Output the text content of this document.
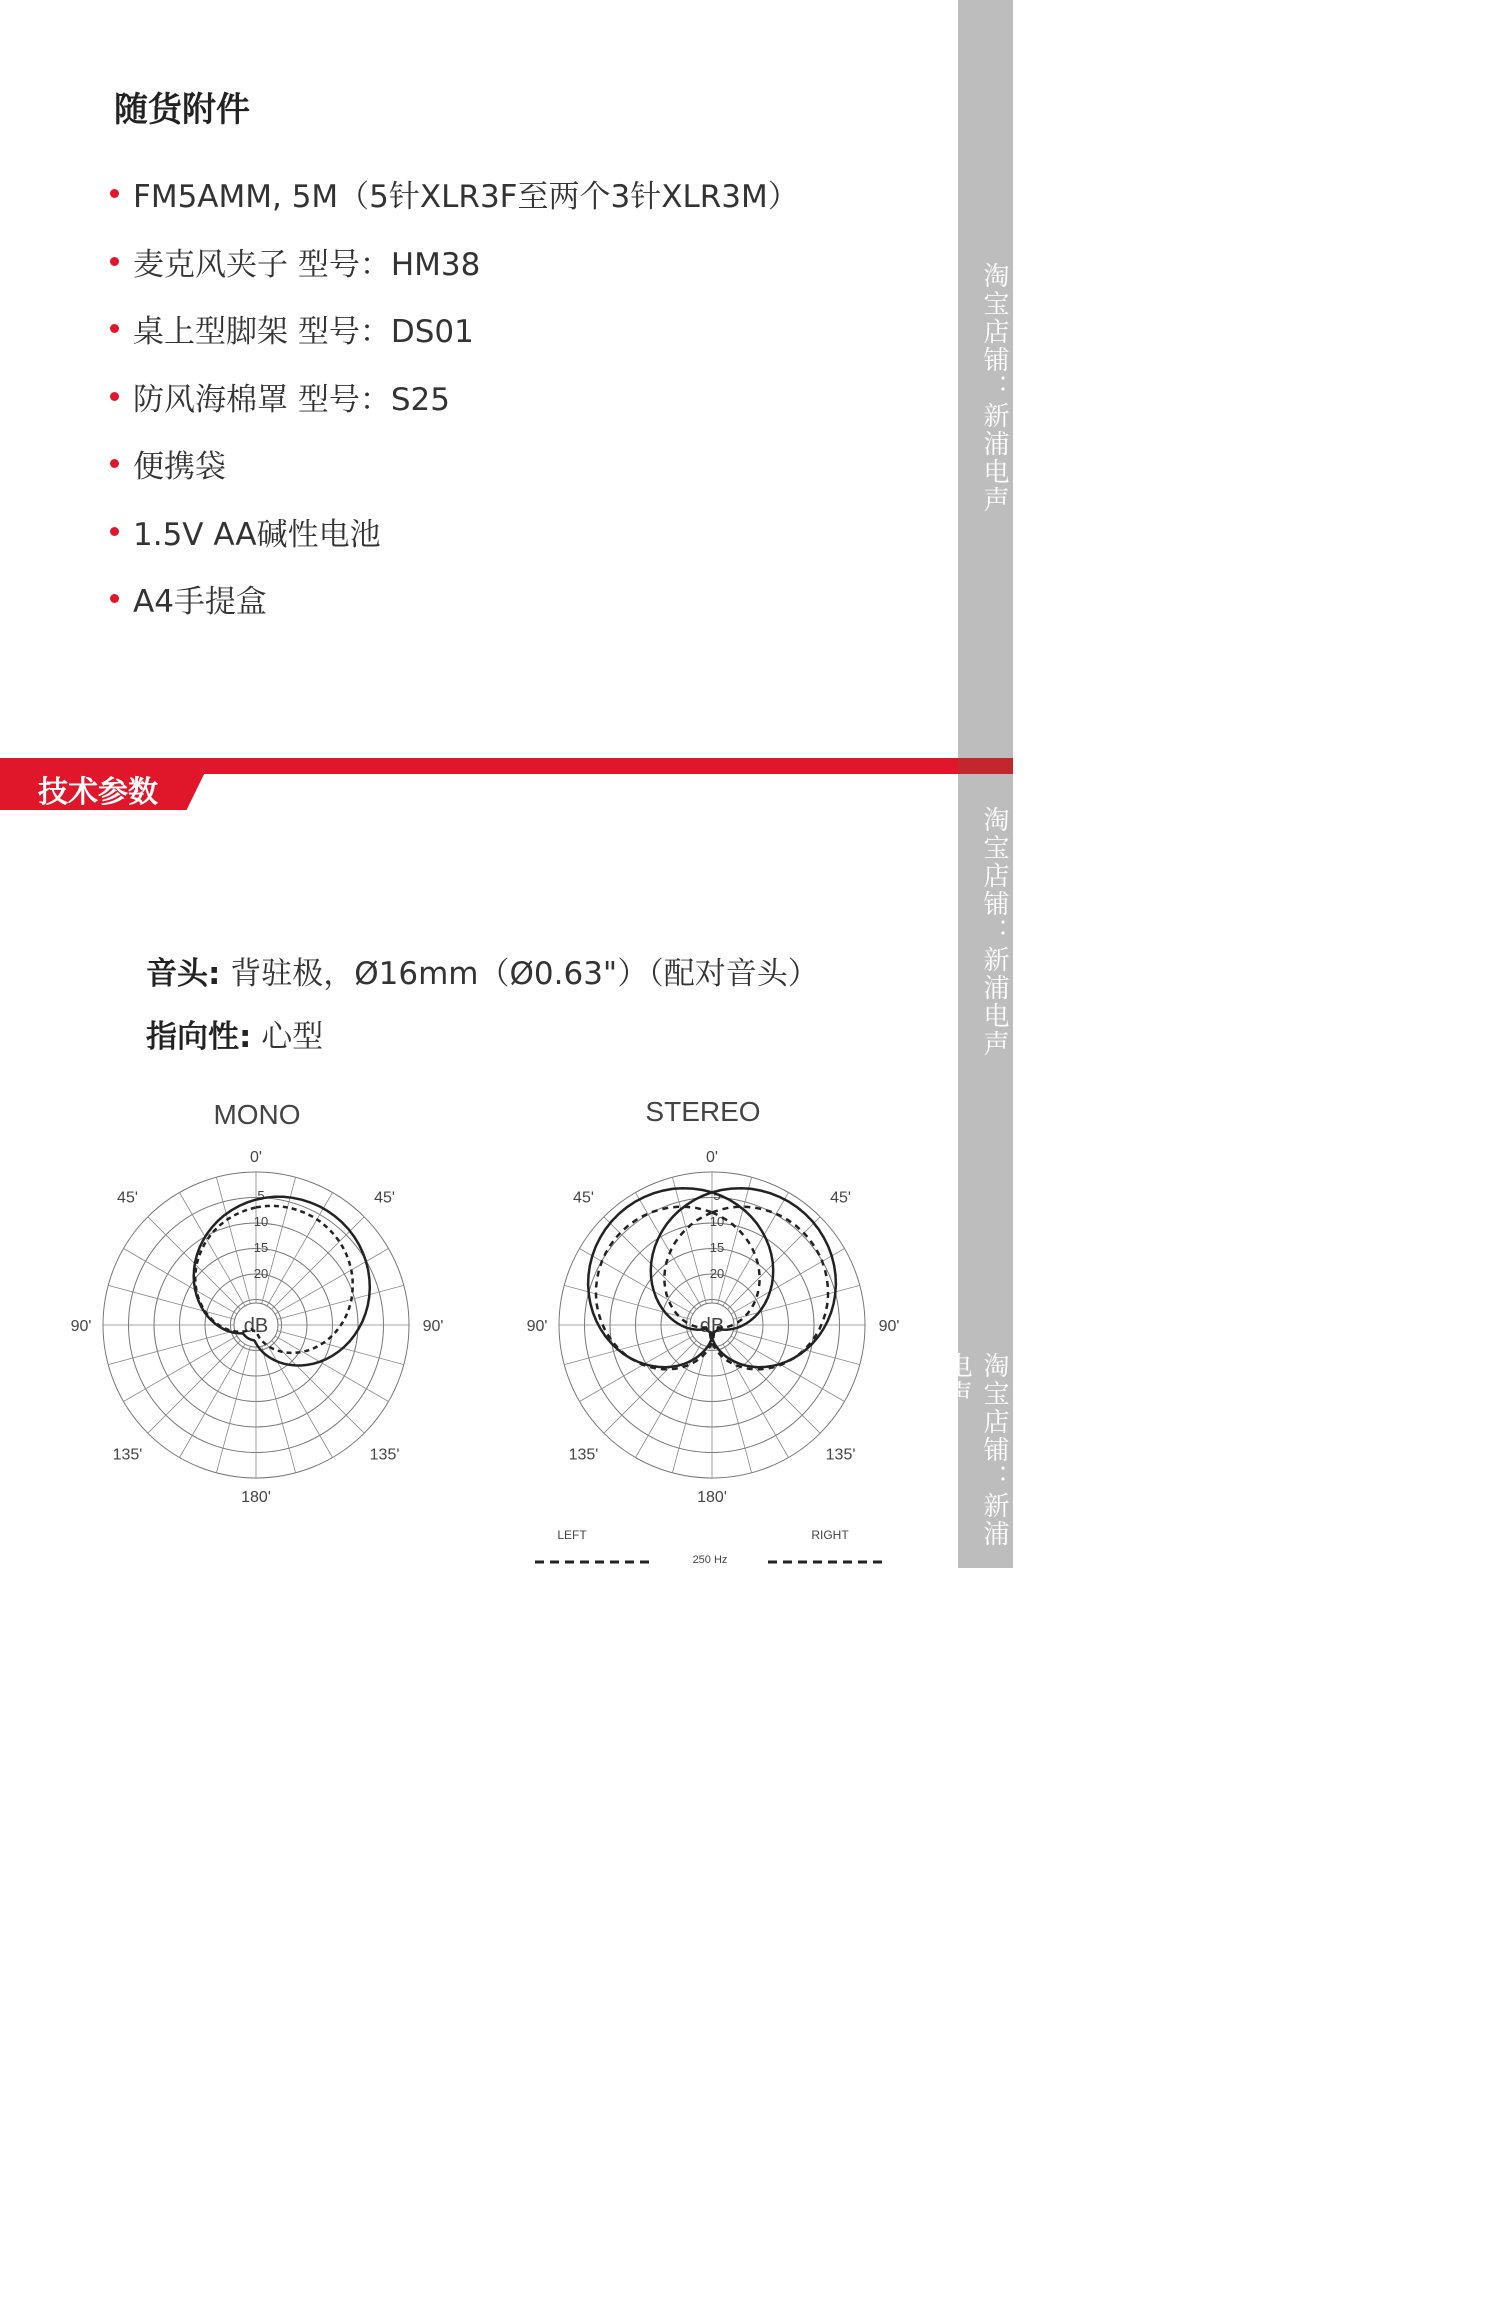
随货附件
FM5AMM, 5M（5针XLR3F至两个3针XLR3M）
麦克风夹子 型号：HM38
桌上型脚架 型号：DS01
防风海棉罩 型号：S25
便携袋
1.5V AA碱性电池
A4手提盒
技术参数
音头: 背驻极，Ø16mm（Ø0.63"）（配对音头）
指向性: 心型
MONO
dB
5
10
15
20
0'
45'	45'
90'	90'
135'	135'
180'
STEREO
dB
5
10
15
20
0'
45'	45'
90'	90'
135'	135'
180'
LEFT	RIGHT
250 Hz
淘宝店铺：新浦电声
淘宝店铺：新浦电声
淘宝店铺：新浦
